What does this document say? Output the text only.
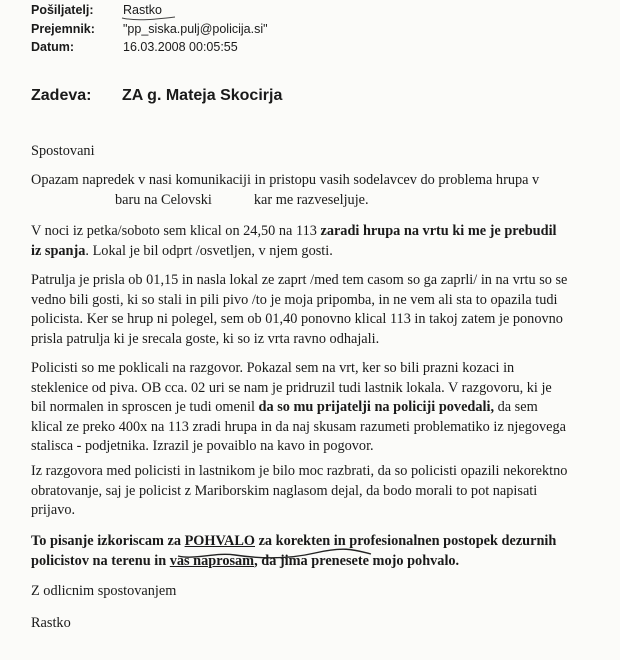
Pošiljatelj: Rastko
Prejemnik: "pp_siska.pulj@policija.si"
Datum:	16.03.2008 00:05:55
Zadeva: ZA g. Mateja Skocirja

Spostovani

Opazam napredek v nasi komunikaciji in pristopu vasih sodelavcev do problema hrupa v

baru na Celovski	kar me razveseljuje.

V noci iz petka/soboto sem klical on 24,50 na 113 zaradi hrupa na vrtu ki me je prebudil

iz spanja. Lokal je bil odprt /osvetljen, v njem gosti.

Patrulja je prisla ob 01,15 in nasla lokal ze zaprt /med tem casom so ga zaprli/ in na vrtu so se

vedno bili gosti, ki so stali in pili pivo /to je moja pripomba, in ne vem ali sta to opazila tudi

policista. Ker se hrup ni polegel, sem ob 01,40 ponovno klical 113 in takoj zatem je ponovno

prisla patrulja ki je srecala goste, ki so iz vrta ravno odhajali.

Policisti so me poklicali na razgovor. Pokazal sem na vrt, ker so bili prazni kozaci in

steklenice od piva. OB cca. 02 uri se nam je pridruzil tudi lastnik lokala. V razgovoru, ki je

bil normalen in sproscen je tudi omenil da so mu prijatelji na policiji povedali, da sem

klical ze preko 400x na 113 zradi hrupa in da naj skusam razumeti problematiko iz njegovega

stalisca - podjetnika. Izrazil je povaiblo na kavo in pogovor.

Iz razgovora med policisti in lastnikom je bilo moc razbrati, da so policisti opazili nekorektno

obratovanje, saj je policist z Mariborskim naglasom dejal, da bodo morali to pot napisati

prijavo.

To pisanje izkoriscam za POHVALO za korekten in profesionalnen postopek dezurnih

policistov na terenu in vas naprosam, da jima prenesete mojo pohvalo.

Z odlicnim spostovanjem

Rastko
